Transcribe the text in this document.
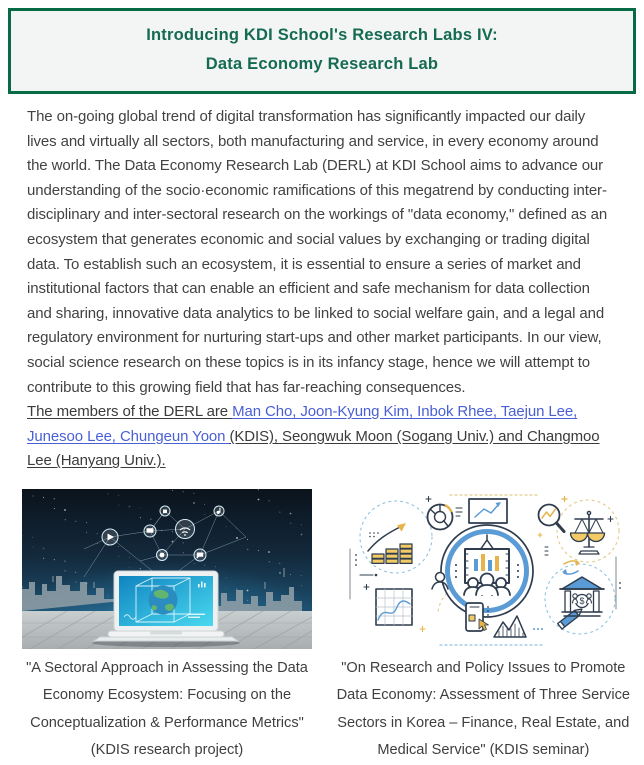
Introducing KDI School's Research Labs IV:
Data Economy Research Lab
The on-going global trend of digital transformation has significantly impacted our daily lives and virtually all sectors, both manufacturing and service, in every economy around the world. The Data Economy Research Lab (DERL) at KDI School aims to advance our understanding of the socio·economic ramifications of this megatrend by conducting inter-disciplinary and inter-sectoral research on the workings of "data economy," defined as an ecosystem that generates economic and social values by exchanging or trading digital data. To establish such an ecosystem, it is essential to ensure a series of market and institutional factors that can enable an efficient and safe mechanism for data collection and sharing, innovative data analytics to be linked to social welfare gain, and a legal and regulatory environment for nurturing start-ups and other market participants. In our view, social science research on these topics is in its infancy stage, hence we will attempt to contribute to this growing field that has far-reaching consequences.
The members of the DERL are Man Cho, Joon-Kyung Kim, Inbok Rhee, Taejun Lee, Junesoo Lee, Chungeun Yoon (KDIS), Seongwuk Moon (Sogang Univ.) and Changmoo Lee (Hanyang Univ.).
"A Sectoral Approach in Assessing the Data
Economy Ecosystem: Focusing on the
Conceptualization & Performance Metrics"
(KDIS research project)
$
"On Research and Policy Issues to Promote
Data Economy: Assessment of Three Service
Sectors in Korea – Finance, Real Estate, and
Medical Service" (KDIS seminar)
